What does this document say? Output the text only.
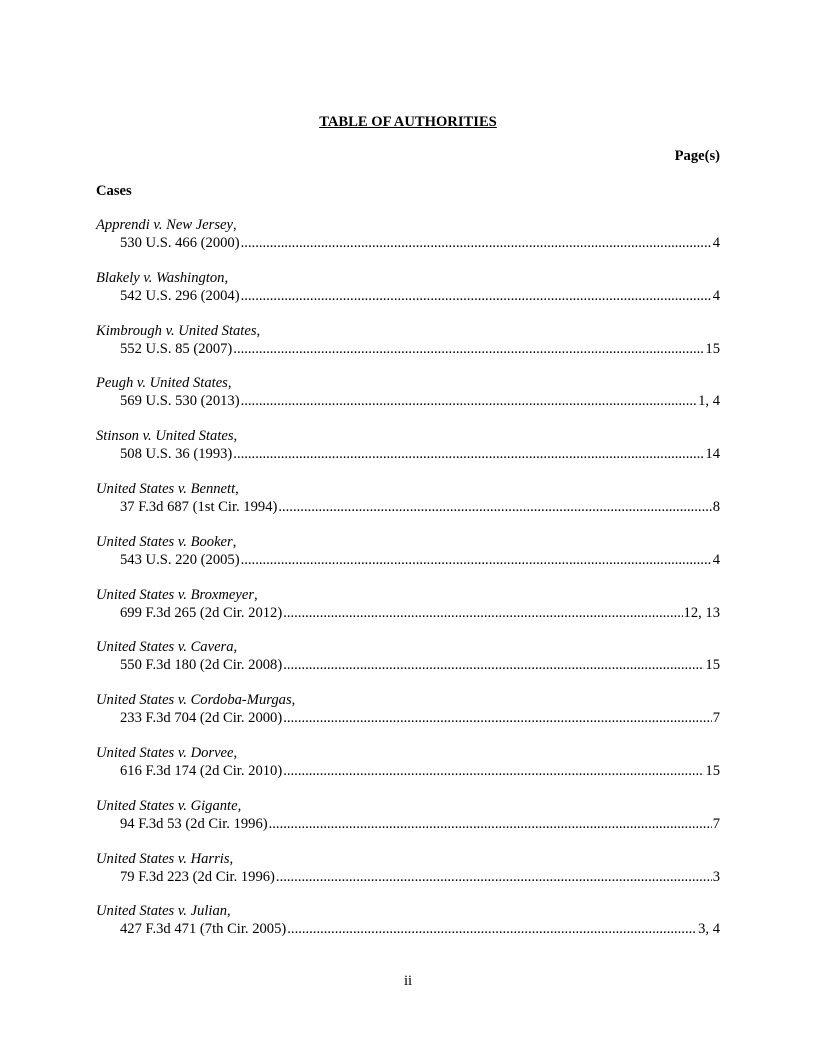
TABLE OF AUTHORITIES
Page(s)
Cases
Apprendi v. New Jersey,
530 U.S. 466 (2000) .....	4
Blakely v. Washington,
542 U.S. 296 (2004) .....	4
Kimbrough v. United States,
552 U.S. 85 (2007) .....	15
Peugh v. United States,
569 U.S. 530 (2013) .....	1, 4
Stinson v. United States,
508 U.S. 36 (1993) .....	14
United States v. Bennett,
37 F.3d 687 (1st Cir. 1994) .....	8
United States v. Booker,
543 U.S. 220 (2005) .....	4
United States v. Broxmeyer,
699 F.3d 265 (2d Cir. 2012) .....	12, 13
United States v. Cavera,
550 F.3d 180 (2d Cir. 2008) .....	15
United States v. Cordoba-Murgas,
233 F.3d 704 (2d Cir. 2000) .....	7
United States v. Dorvee,
616 F.3d 174 (2d Cir. 2010) .....	15
United States v. Gigante,
94 F.3d 53 (2d Cir. 1996) .....	7
United States v. Harris,
79 F.3d 223 (2d Cir. 1996) .....	3
United States v. Julian,
427 F.3d 471 (7th Cir. 2005) .....	3, 4
ii
